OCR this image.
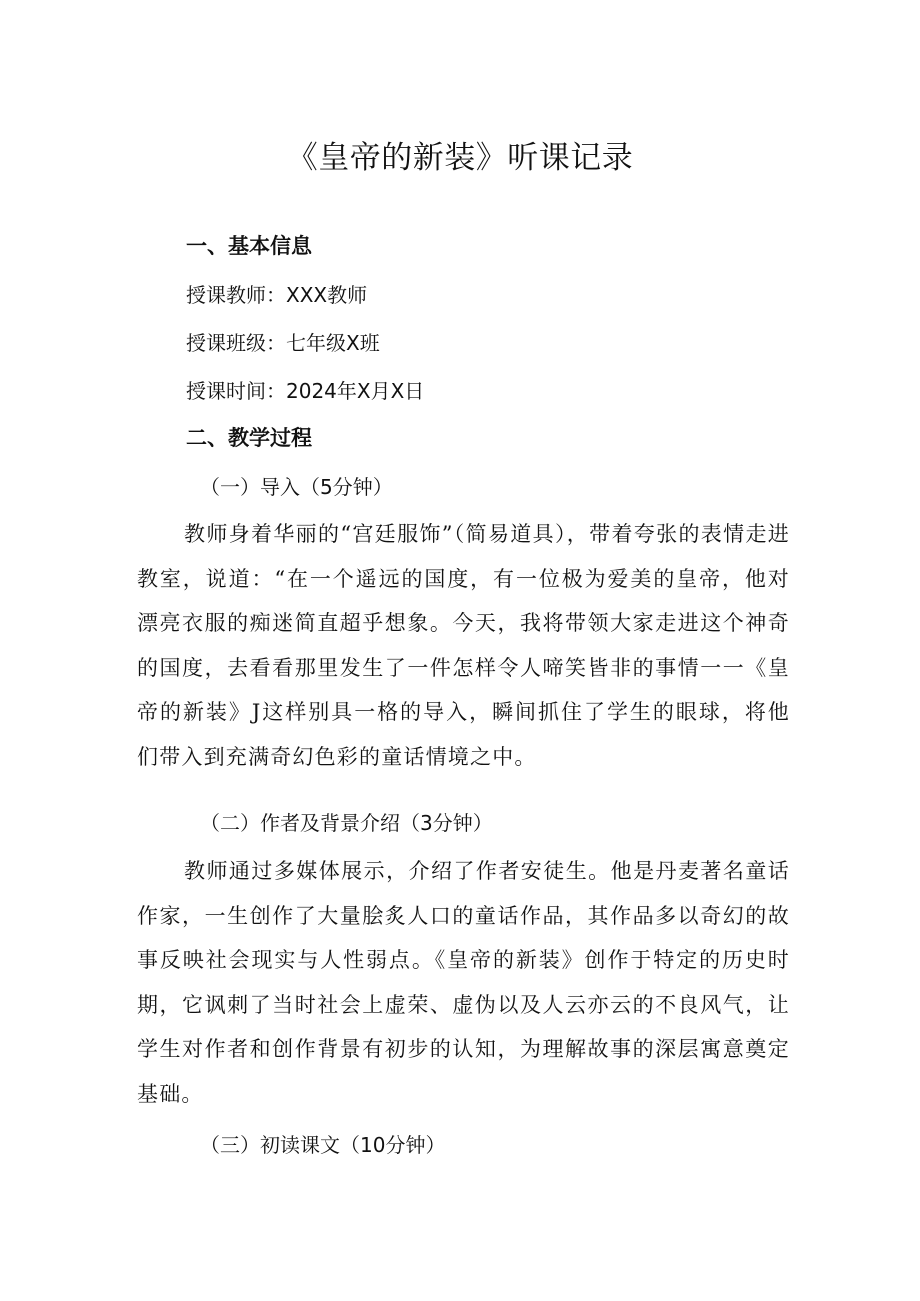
《皇帝的新装》听课记录
一、基本信息
授课教师：XXX教师
授课班级：七年级X班
授课时间：2024年X月X日
二、教学过程
（一）导入（5分钟）
教师身着华丽的“宫廷服饰”（简易道具），带着夸张的表情走进教室，说道：“在一个遥远的国度，有一位极为爱美的皇帝，他对漂亮衣服的痴迷简直超乎想象。今天，我将带领大家走进这个神奇的国度，去看看那里发生了一件怎样令人啼笑皆非的事情一一《皇帝的新装》J这样别具一格的导入，瞬间抓住了学生的眼球，将他们带入到充满奇幻色彩的童话情境之中。
（二）作者及背景介绍（3分钟）
教师通过多媒体展示，介绍了作者安徒生。他是丹麦著名童话作家，一生创作了大量脍炙人口的童话作品，其作品多以奇幻的故事反映社会现实与人性弱点。《皇帝的新装》创作于特定的历史时期，它讽刺了当时社会上虚荣、虚伪以及人云亦云的不良风气，让学生对作者和创作背景有初步的认知，为理解故事的深层寓意奠定基础。
（三）初读课文（10分钟）
